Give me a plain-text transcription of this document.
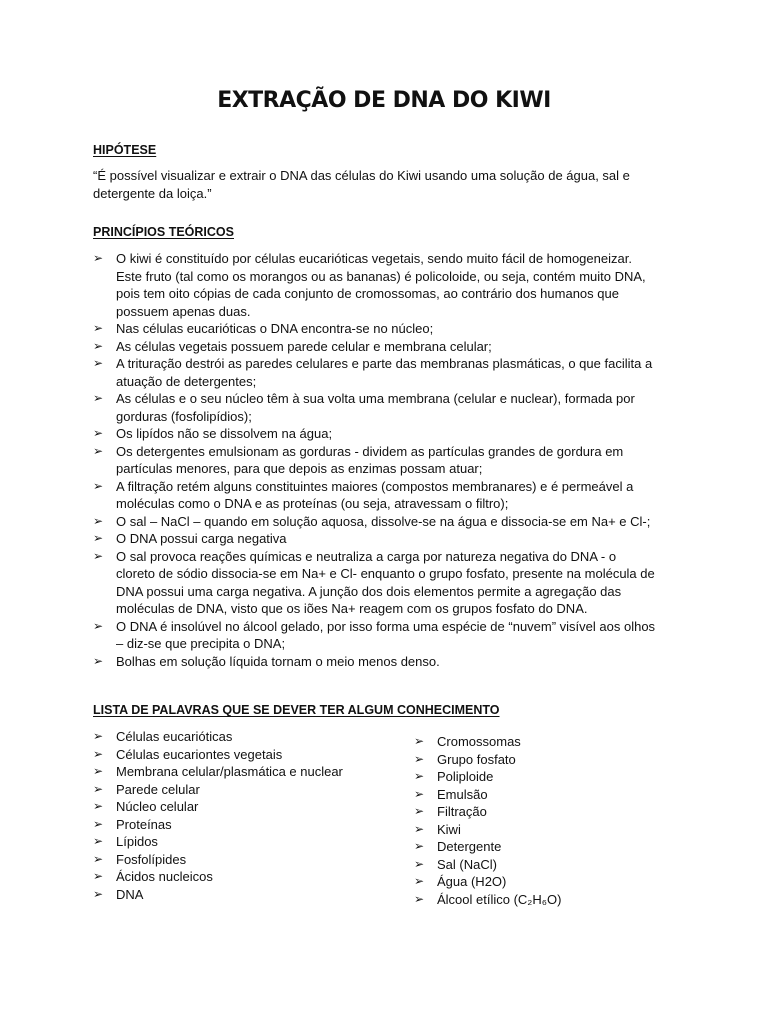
EXTRAÇÃO DE DNA DO KIWI
HIPÓTESE
“É possível visualizar e extrair o DNA das células do Kiwi usando uma solução de água, sal e detergente da loiça.”
PRINCÍPIOS TEÓRICOS
➢ O kiwi é constituído por células eucarióticas vegetais, sendo muito fácil de homogeneizar. Este fruto (tal como os morangos ou as bananas) é policoloide, ou seja, contém muito DNA, pois tem oito cópias de cada conjunto de cromossomas, ao contrário dos humanos que possuem apenas duas.
➢ Nas células eucarióticas o DNA encontra-se no núcleo;
➢ As células vegetais possuem parede celular e membrana celular;
➢ A trituração destrói as paredes celulares e parte das membranas plasmáticas, o que facilita a atuação de detergentes;
➢ As células e o seu núcleo têm à sua volta uma membrana (celular e nuclear), formada por gorduras (fosfolipídios);
➢ Os lipídos não se dissolvem na água;
➢ Os detergentes emulsionam as gorduras - dividem as partículas grandes de gordura em partículas menores, para que depois as enzimas possam atuar;
➢ A filtração retém alguns constituintes maiores (compostos membranares) e é permeável a moléculas como o DNA e as proteínas (ou seja, atravessam o filtro);
➢ O sal – NaCl – quando em solução aquosa, dissolve-se na água e dissocia-se em Na+ e Cl-;
➢ O DNA possui carga negativa
➢ O sal provoca reações químicas e neutraliza a carga por natureza negativa do DNA - o cloreto de sódio dissocia-se em Na+ e Cl- enquanto o grupo fosfato, presente na molécula de DNA possui uma carga negativa. A junção dos dois elementos permite a agregação das moléculas de DNA, visto que os iões Na+ reagem com os grupos fosfato do DNA.
➢ O DNA é insolúvel no álcool gelado, por isso forma uma espécie de “nuvem” visível aos olhos – diz-se que precipita o DNA;
➢ Bolhas em solução líquida tornam o meio menos denso.
LISTA DE PALAVRAS QUE SE DEVER TER ALGUM CONHECIMENTO
➢ Células eucarióticas
➢ Células eucariontes vegetais
➢ Membrana celular/plasmática e nuclear
➢ Parede celular
➢ Núcleo celular
➢ Proteínas
➢ Lípidos
➢ Fosfolípides
➢ Ácidos nucleicos
➢ DNA
➢ Cromossomas
➢ Grupo fosfato
➢ Poliploide
➢ Emulsão
➢ Filtração
➢ Kiwi
➢ Detergente
➢ Sal (NaCl)
➢ Água (H2O)
➢ Álcool etílico (C₂H₆O)
